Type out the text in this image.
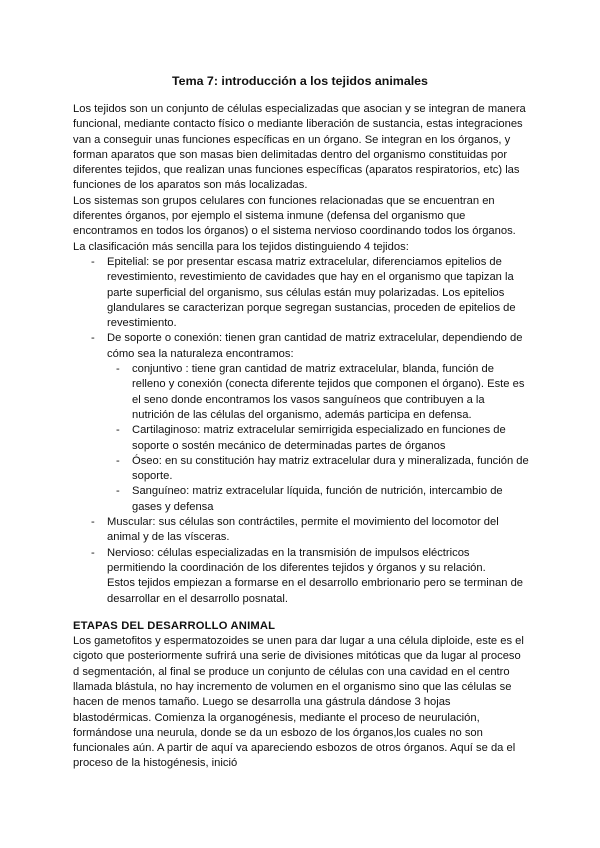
Tema 7: introducción a los tejidos animales

Los tejidos son un conjunto de células especializadas que asocian y se integran de manera funcional, mediante contacto físico o mediante liberación de sustancia, estas integraciones van a conseguir unas funciones específicas en un órgano. Se integran en los órganos, y forman aparatos que son masas bien delimitadas dentro del organismo constituidas por diferentes tejidos, que realizan unas funciones específicas (aparatos respiratorios, etc) las funciones de los aparatos son más localizadas.

Los sistemas son grupos celulares con funciones relacionadas que se encuentran en diferentes órganos, por ejemplo el sistema inmune (defensa del organismo que encontramos en todos los órganos) o el sistema nervioso coordinando todos los órganos.

La clasificación más sencilla para los tejidos distinguiendo 4 tejidos:

- Epitelial: se por presentar escasa matriz extracelular, diferenciamos epitelios de revestimiento, revestimiento de cavidades que hay en el organismo que tapizan la parte superficial del organismo, sus células están muy polarizadas. Los epitelios glandulares se caracterizan porque segregan sustancias, proceden de epitelios de revestimiento.
- De soporte o conexión: tienen gran cantidad de matriz extracelular, dependiendo de cómo sea la naturaleza encontramos:
- conjuntivo : tiene gran cantidad de matriz extracelular, blanda, función de relleno y conexión (conecta diferente tejidos que componen el órgano). Este es el seno donde encontramos los vasos sanguíneos que contribuyen a la nutrición de las células del organismo, además participa en defensa.
- Cartilaginoso: matriz extracelular semirrigida especializado en funciones de soporte o sostén mecánico de determinadas partes de órganos
- Óseo: en su constitución hay matriz extracelular dura y mineralizada, función de soporte.
- Sanguíneo: matriz extracelular líquida, función de nutrición, intercambio de gases y defensa
- Muscular: sus células son contráctiles, permite el movimiento del locomotor del animal y de las vísceras.
- Nervioso: células especializadas en la transmisión de impulsos eléctricos permitiendo la coordinación de los diferentes tejidos y órganos y su relación.

Estos tejidos empiezan a formarse en el desarrollo embrionario pero se terminan de desarrollar en el desarrollo posnatal.

ETAPAS DEL DESARROLLO ANIMAL

Los gametofitos y espermatozoides se unen para dar lugar a una célula diploide, este es el cigoto que posteriormente sufrirá una serie de divisiones mitóticas que da lugar al proceso d segmentación, al final se produce un conjunto de células con una cavidad en el centro llamada blástula, no hay incremento de volumen en el organismo sino que las células se hacen de menos tamaño. Luego se desarrolla una gástrula dándose 3 hojas blastodérmicas. Comienza la organogénesis, mediante el proceso de neurulación, formándose una neurula, donde se da un esbozo de los órganos,los cuales no son funcionales aún. A partir de aquí va apareciendo esbozos de otros órganos. Aquí se da el proceso de la histogénesis, inició
